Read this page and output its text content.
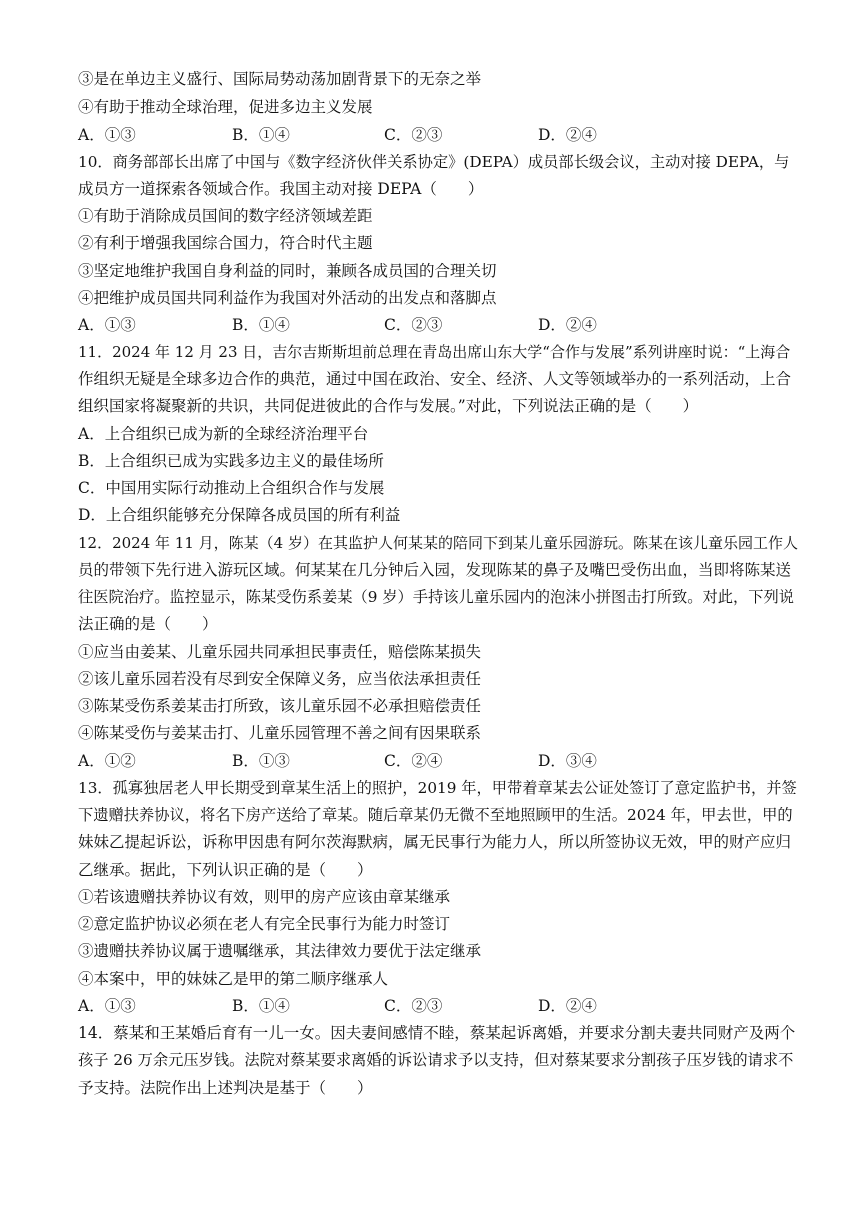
③是在单边主义盛行、国际局势动荡加剧背景下的无奈之举
④有助于推动全球治理，促进多边主义发展
A．①③	B．①④	C．②③	D．②④
10．商务部部长出席了中国与《数字经济伙伴关系协定》(DEPA）成员部长级会议，主动对接 DEPA，与
成员方一道探索各领域合作。我国主动对接 DEPA（　　）
①有助于消除成员国间的数字经济领域差距
②有利于增强我国综合国力，符合时代主题
③坚定地维护我国自身利益的同时，兼顾各成员国的合理关切
④把维护成员国共同利益作为我国对外活动的出发点和落脚点
A．①③	B．①④	C．②③	D．②④
11．2024 年 12 月 23 日，吉尔吉斯斯坦前总理在青岛出席山东大学“合作与发展”系列讲座时说：“上海合
作组织无疑是全球多边合作的典范，通过中国在政治、安全、经济、人文等领域举办的一系列活动，上合
组织国家将凝聚新的共识，共同促进彼此的合作与发展。”对此，下列说法正确的是（　　）
A．上合组织已成为新的全球经济治理平台
B．上合组织已成为实践多边主义的最佳场所
C．中国用实际行动推动上合组织合作与发展
D．上合组织能够充分保障各成员国的所有利益
12．2024 年 11 月，陈某（4 岁）在其监护人何某某的陪同下到某儿童乐园游玩。陈某在该儿童乐园工作人
员的带领下先行进入游玩区域。何某某在几分钟后入园，发现陈某的鼻子及嘴巴受伤出血，当即将陈某送
往医院治疗。监控显示，陈某受伤系姜某（9 岁）手持该儿童乐园内的泡沫小拼图击打所致。对此，下列说
法正确的是（　　）
①应当由姜某、儿童乐园共同承担民事责任，赔偿陈某损失
②该儿童乐园若没有尽到安全保障义务，应当依法承担责任
③陈某受伤系姜某击打所致，该儿童乐园不必承担赔偿责任
④陈某受伤与姜某击打、儿童乐园管理不善之间有因果联系
A．①②	B．①③	C．②④	D．③④
13．孤寡独居老人甲长期受到章某生活上的照护，2019 年，甲带着章某去公证处签订了意定监护书，并签
下遗赠扶养协议，将名下房产送给了章某。随后章某仍无微不至地照顾甲的生活。2024 年，甲去世，甲的
妹妹乙提起诉讼，诉称甲因患有阿尔茨海默病，属无民事行为能力人，所以所签协议无效，甲的财产应归
乙继承。据此，下列认识正确的是（　　）
①若该遗赠扶养协议有效，则甲的房产应该由章某继承
②意定监护协议必须在老人有完全民事行为能力时签订
③遗赠扶养协议属于遗嘱继承，其法律效力要优于法定继承
④本案中，甲的妹妹乙是甲的第二顺序继承人
A．①③	B．①④	C．②③	D．②④
14．蔡某和王某婚后育有一儿一女。因夫妻间感情不睦，蔡某起诉离婚，并要求分割夫妻共同财产及两个
孩子 26 万余元压岁钱。法院对蔡某要求离婚的诉讼请求予以支持，但对蔡某要求分割孩子压岁钱的请求不
予支持。法院作出上述判决是基于（　　）
